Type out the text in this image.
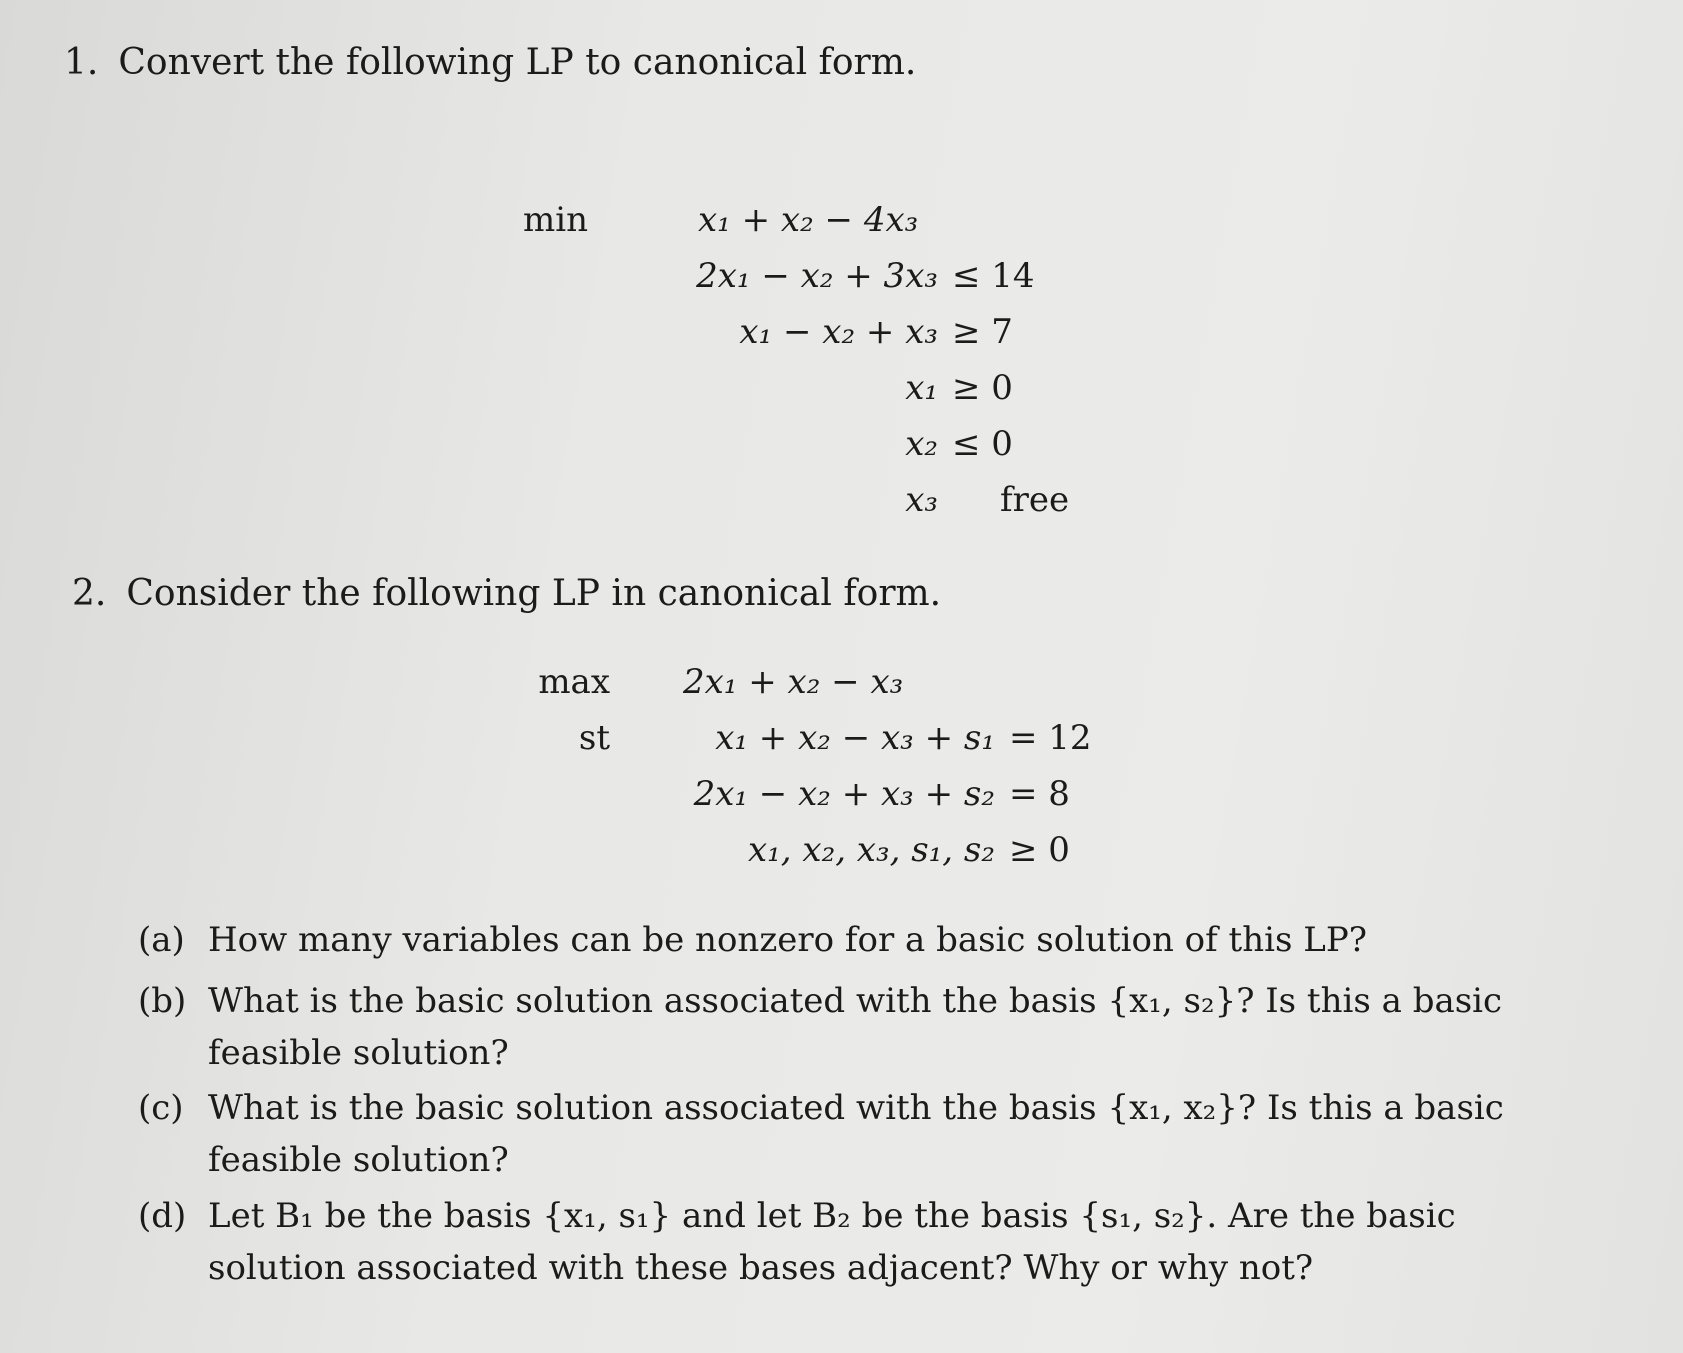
1. Convert the following LP to canonical form.
min	x₁ + x₂ − 4x₃
2x₁ − x₂ + 3x₃ ≤ 14
x₁ − x₂ + x₃ ≥ 7
x₁ ≥ 0
x₂ ≤ 0
x₃	free
2. Consider the following LP in canonical form.
max 2x₁ + x₂ − x₃
st	x₁ + x₂ − x₃ + s₁ = 12
2x₁ − x₂ + x₃ + s₂ = 8
x₁, x₂, x₃, s₁, s₂ ≥ 0
(a) How many variables can be nonzero for a basic solution of this LP?
(b) What is the basic solution associated with the basis {x₁, s₂}? Is this a basic feasible solution?
(c) What is the basic solution associated with the basis {x₁, x₂}? Is this a basic feasible solution?
(d) Let B₁ be the basis {x₁, s₁} and let B₂ be the basis {s₁, s₂}. Are the basic solution associated with these bases adjacent? Why or why not?
